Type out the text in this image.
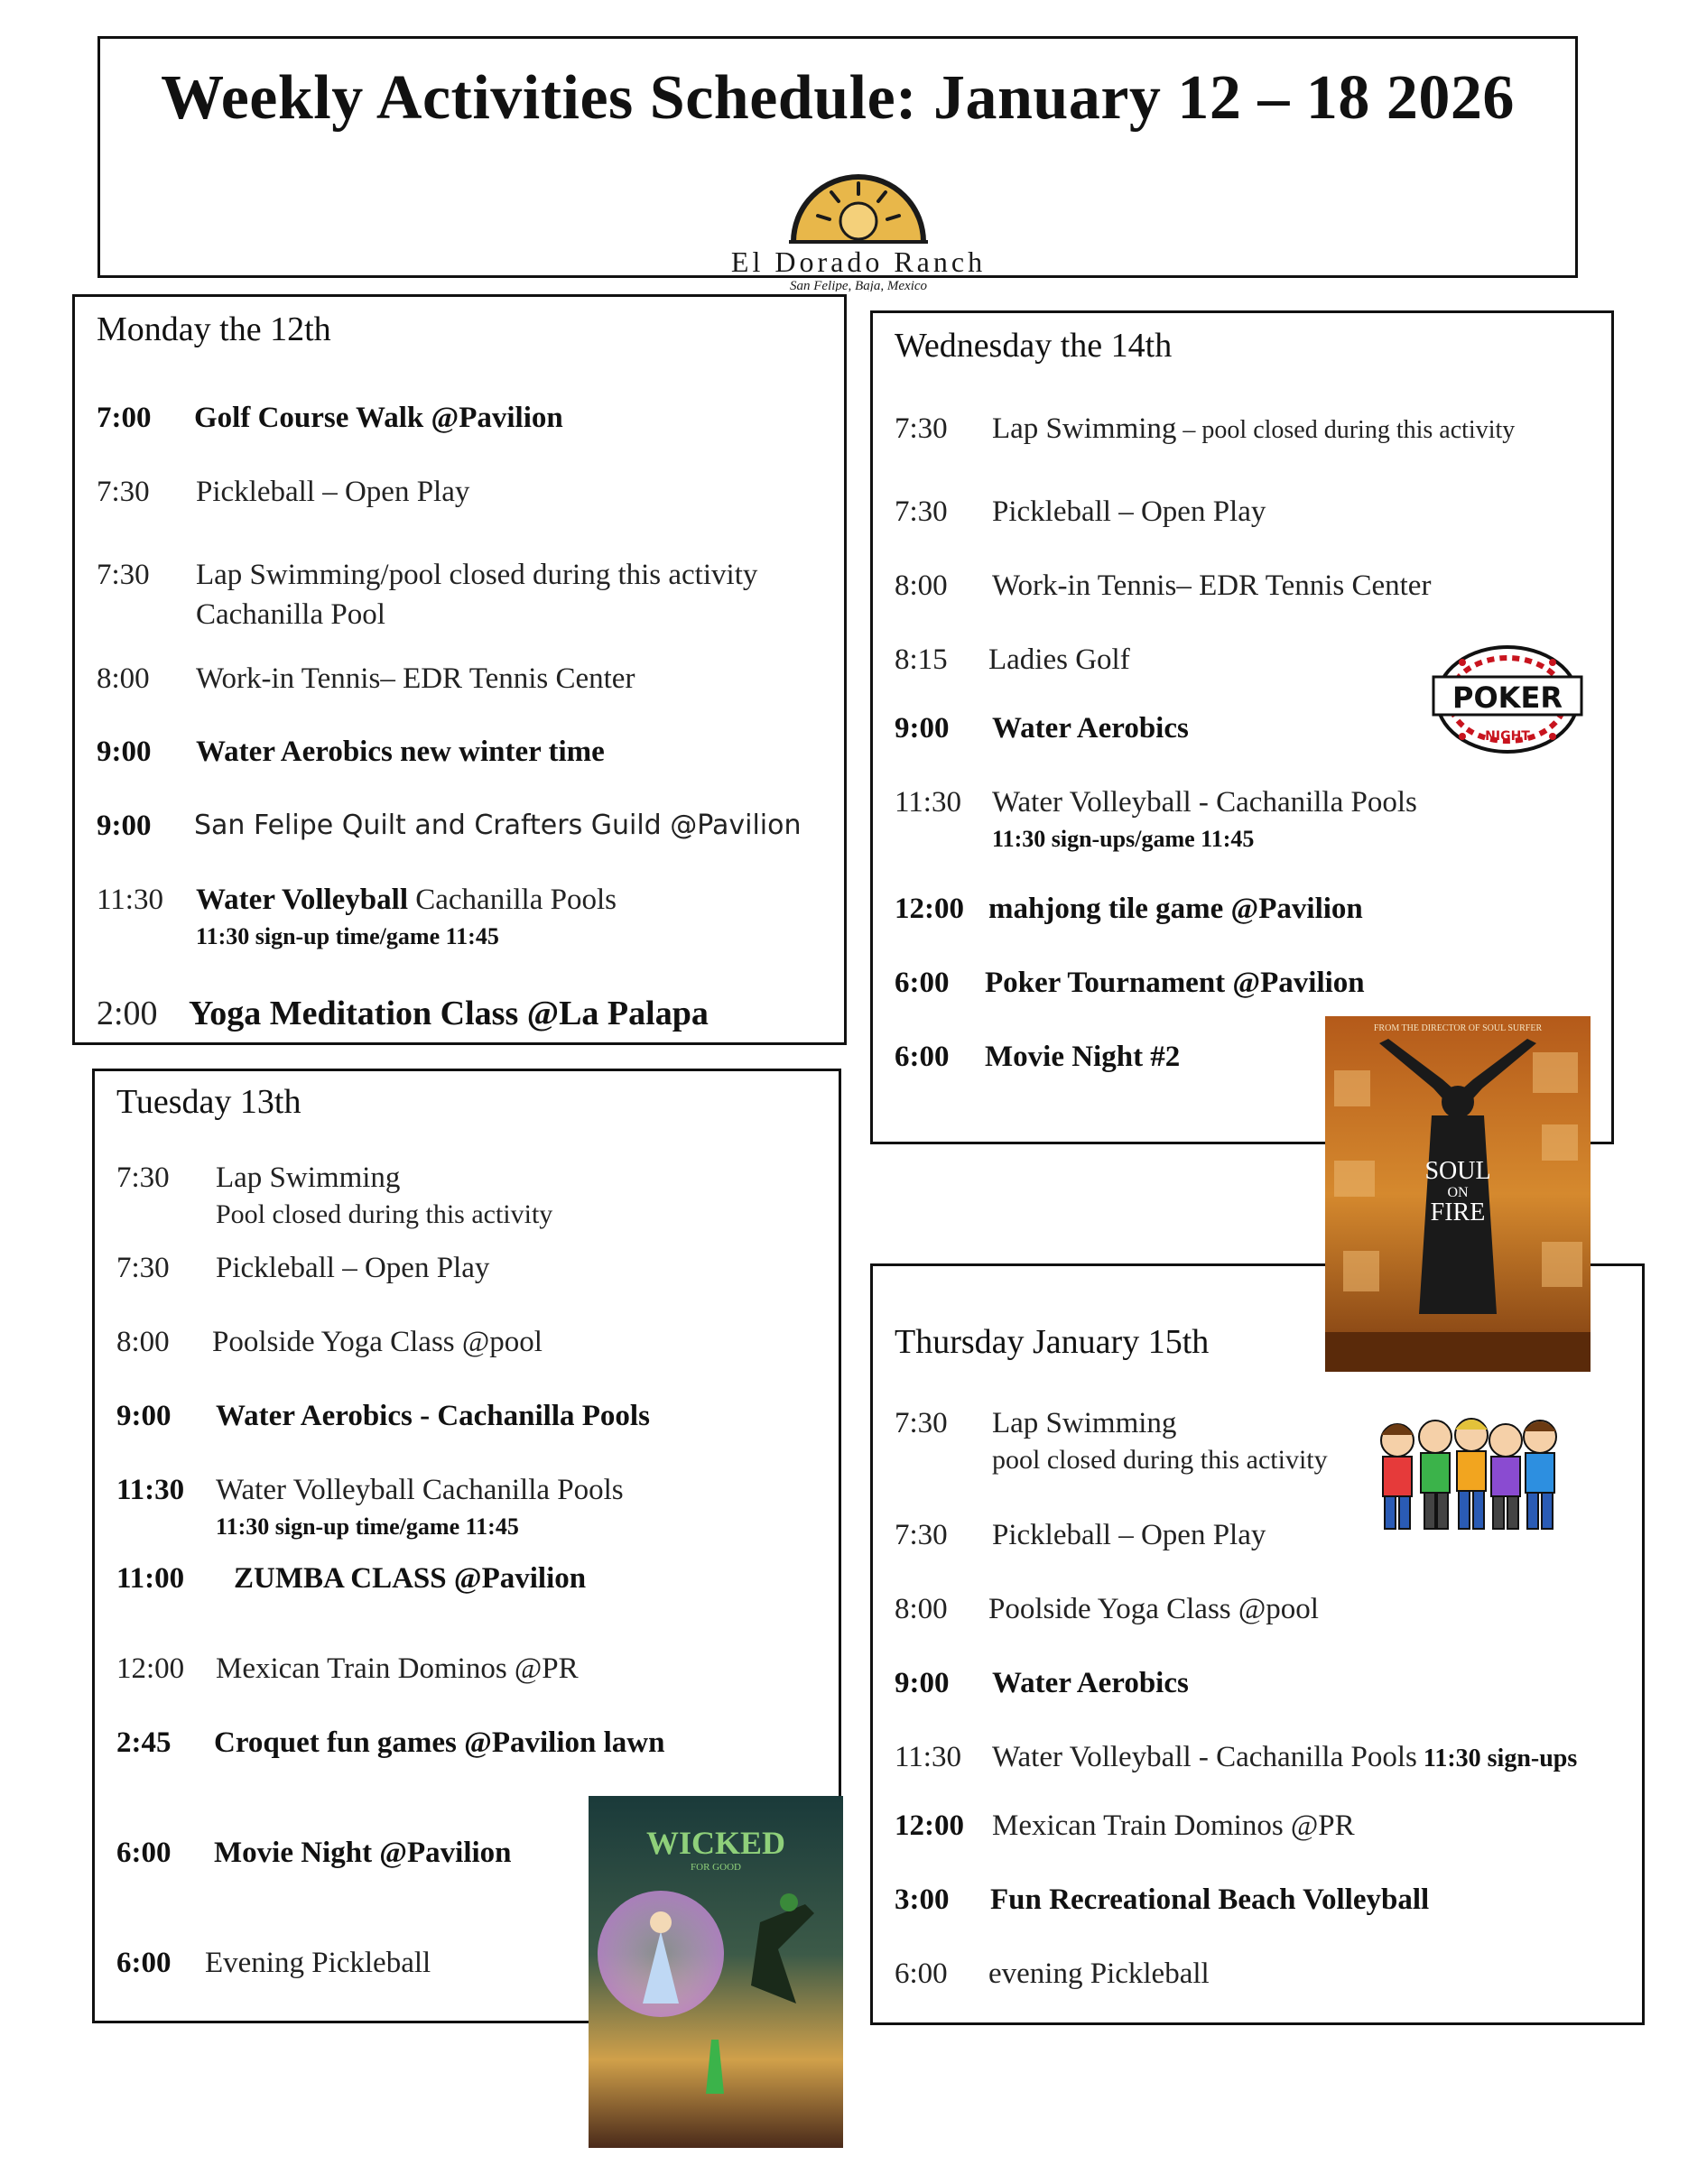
Weekly Activities Schedule: January 12 – 18 2026
El Dorado Ranch
San Felipe, Baja, Mexico
Monday the 12th
7:00 Golf Course Walk @Pavilion
7:30 Pickleball – Open Play
7:30 Lap Swimming/pool closed during this activity
Cachanilla Pool
8:00 Work-in Tennis– EDR Tennis Center
9:00 Water Aerobics new winter time
9:00 San Felipe Quilt and Crafters Guild @Pavilion
11:30 Water Volleyball Cachanilla Pools
11:30 sign-up time/game 11:45
2:00 Yoga Meditation Class @La Palapa
Tuesday 13th
7:30 Lap Swimming
Pool closed during this activity
7:30 Pickleball – Open Play
8:00 Poolside Yoga Class @pool
9:00 Water Aerobics - Cachanilla Pools
11:30 Water Volleyball Cachanilla Pools
11:30 sign-up time/game 11:45
11:00 ZUMBA CLASS @Pavilion
12:00 Mexican Train Dominos @PR
2:45 Croquet fun games @Pavilion lawn
6:00 Movie Night @Pavilion
6:00 Evening Pickleball
Wednesday the 14th
7:30 Lap Swimming – pool closed during this activity
7:30 Pickleball – Open Play
8:00 Work-in Tennis– EDR Tennis Center
8:15 Ladies Golf
9:00 Water Aerobics
11:30 Water Volleyball - Cachanilla Pools
11:30 sign-ups/game 11:45
12:00 mahjong tile game @Pavilion
6:00 Poker Tournament @Pavilion
6:00 Movie Night #2
Thursday January 15th
7:30 Lap Swimming
pool closed during this activity
7:30 Pickleball – Open Play
8:00 Poolside Yoga Class @pool
9:00 Water Aerobics
11:30 Water Volleyball - Cachanilla Pools 11:30 sign-ups
12:00 Mexican Train Dominos @PR
3:00 Fun Recreational Beach Volleyball
6:00 evening Pickleball
POKER
NIGHT
FROM THE DIRECTOR OF SOUL SURFER
SOUL
ON
FIRE
WICKED
FOR GOOD
